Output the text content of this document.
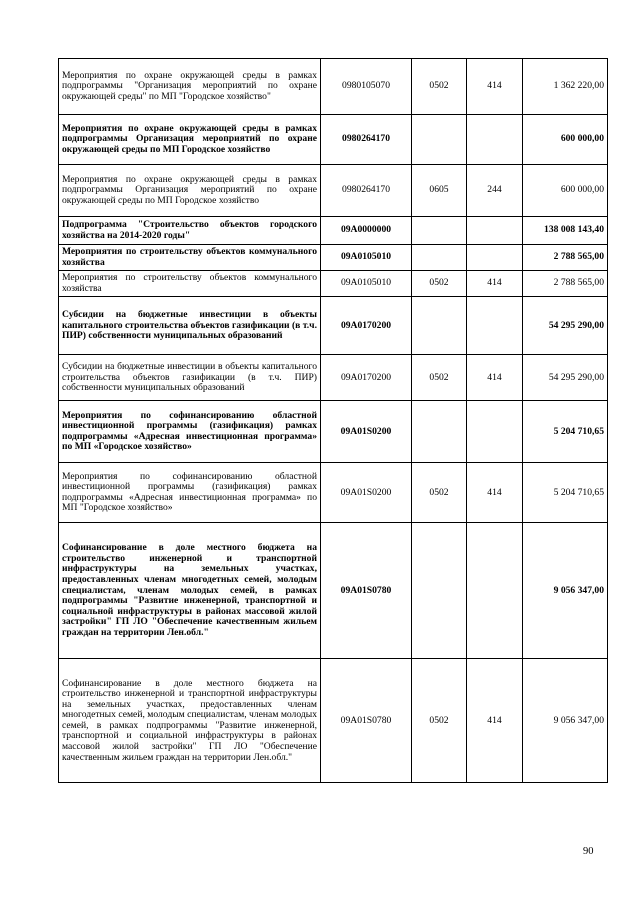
Мероприятия по охране окружающей среды в рамках подпрограммы "Организация мероприятий по охране окружающей среды" по МП "Городское хозяйство"	0980105070	0502	414	1 362 220,00
Мероприятия по охране окружающей среды в рамках подпрограммы Организация мероприятий по охране окружающей среды по МП Городское хозяйство	0980264170			600 000,00
Мероприятия по охране окружающей среды в рамках подпрограммы Организация мероприятий по охране окружающей среды по МП Городское хозяйство	0980264170	0605	244	600 000,00
Подпрограмма "Строительство объектов городского хозяйства на 2014-2020 годы"	09А0000000			138 008 143,40
Мероприятия по строительству объектов коммунального хозяйства	09А0105010			2 788 565,00
Мероприятия по строительству объектов коммунального хозяйства	09А0105010	0502	414	2 788 565,00
Субсидии на бюджетные инвестиции в объекты капитального строительства объектов газификации (в т.ч. ПИР) собственности муниципальных образований	09А0170200			54 295 290,00
Субсидии на бюджетные инвестиции в объекты капитального строительства объектов газификации (в т.ч. ПИР) собственности муниципальных образований	09А0170200	0502	414	54 295 290,00
Мероприятия по софинансированию областной инвестиционной программы (газификация) рамках подпрограммы «Адресная инвестиционная программа» по МП «Городское хозяйство»	09А01S0200			5 204 710,65
Мероприятия по софинансированию областной инвестиционной программы (газификация) рамках подпрограммы «Адресная инвестиционная программа» по МП "Городское хозяйство»	09А01S0200	0502	414	5 204 710,65
Софинансирование в доле местного бюджета на строительство инженерной и транспортной инфраструктуры на земельных участках, предоставленных членам многодетных семей, молодым специалистам, членам молодых семей, в рамках подпрограммы "Развитие инженерной, транспортной и социальной инфраструктуры в районах массовой жилой застройки" ГП ЛО "Обеспечение качественным жильем граждан на территории Лен.обл."	09А01S0780			9 056 347,00
Софинансирование в доле местного бюджета на строительство инженерной и транспортной инфраструктуры на земельных участках, предоставленных членам многодетных семей, молодым специалистам, членам молодых семей, в рамках подпрограммы "Развитие инженерной, транспортной и социальной инфраструктуры в районах массовой жилой застройки" ГП ЛО "Обеспечение качественным жильем граждан на территории Лен.обл."	09А01S0780	0502	414	9 056 347,00
90
